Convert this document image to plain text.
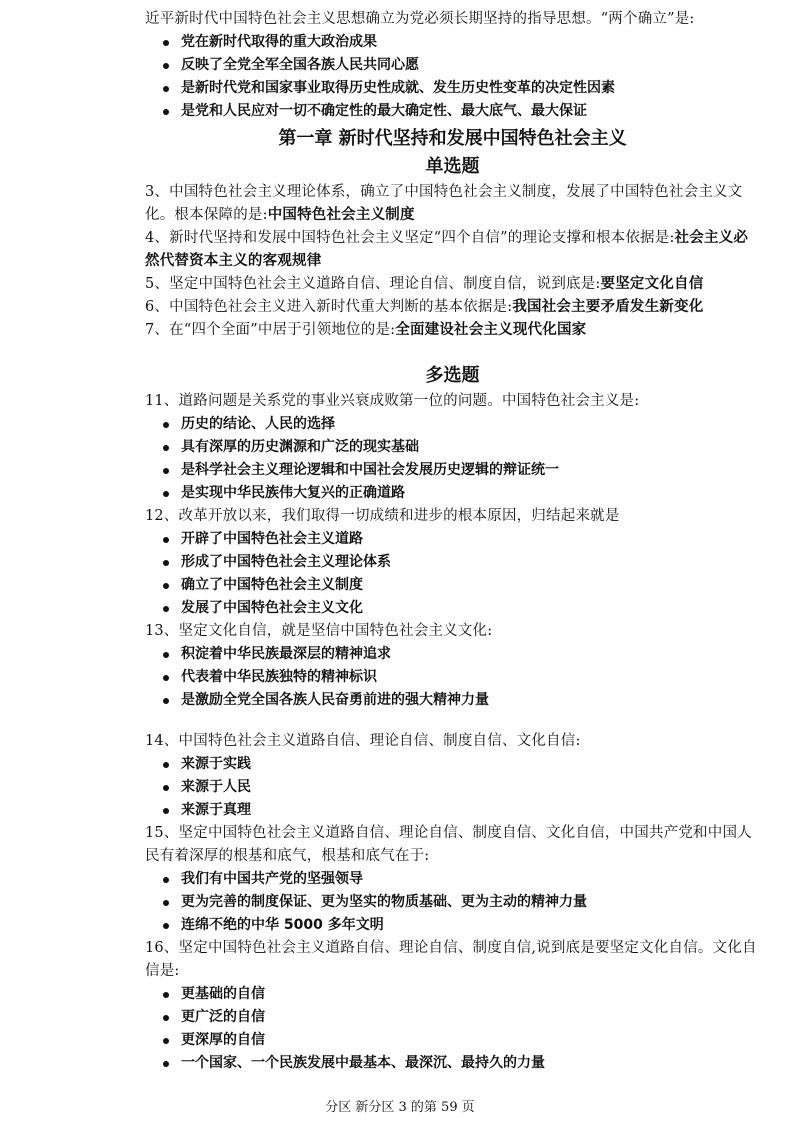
近平新时代中国特色社会主义思想确立为党必须长期坚持的指导思想。“两个确立”是:

党在新时代取得的重大政治成果
反映了全党全军全国各族人民共同心愿
是新时代党和国家事业取得历史性成就、发生历史性变革的决定性因素
是党和人民应对一切不确定性的最大确定性、最大底气、最大保证
第一章 新时代坚持和发展中国特色社会主义
单选题

3、中国特色社会主义理论体系，确立了中国特色社会主义制度，发展了中国特色社会主义文化。根本保障的是:中国特色社会主义制度

4、新时代坚持和发展中国特色社会主义坚定“四个自信”的理论支撑和根本依据是:社会主义必然代替资本主义的客观规律

5、坚定中国特色社会主义道路自信、理论自信、制度自信，说到底是:要坚定文化自信

6、中国特色社会主义进入新时代重大判断的基本依据是:我国社会主要矛盾发生新变化

7、在“四个全面”中居于引领地位的是:全面建设社会主义现代化国家

多选题

11、道路问题是关系党的事业兴衰成败第一位的问题。中国特色社会主义是:

历史的结论、人民的选择
具有深厚的历史渊源和广泛的现实基础
是科学社会主义理论逻辑和中国社会发展历史逻辑的辩证统一
是实现中华民族伟大复兴的正确道路

12、改革开放以来，我们取得一切成绩和进步的根本原因，归结起来就是

开辟了中国特色社会主义道路
形成了中国特色社会主义理论体系
确立了中国特色社会主义制度
发展了中国特色社会主义文化

13、坚定文化自信，就是坚信中国特色社会主义文化:

积淀着中华民族最深层的精神追求
代表着中华民族独特的精神标识
是激励全党全国各族人民奋勇前进的强大精神力量

14、中国特色社会主义道路自信、理论自信、制度自信、文化自信:

来源于实践
来源于人民
来源于真理

15、坚定中国特色社会主义道路自信、理论自信、制度自信、文化自信，中国共产党和中国人民有着深厚的根基和底气，根基和底气在于:

我们有中国共产党的坚强领导
更为完善的制度保证、更为坚实的物质基础、更为主动的精神力量
连绵不绝的中华 5000 多年文明

16、坚定中国特色社会主义道路自信、理论自信、制度自信,说到底是要坚定文化自信。文化自信是:

更基础的自信
更广泛的自信
更深厚的自信
一个国家、一个民族发展中最基本、最深沉、最持久的力量
分区 新分区 3 的第 59 页
